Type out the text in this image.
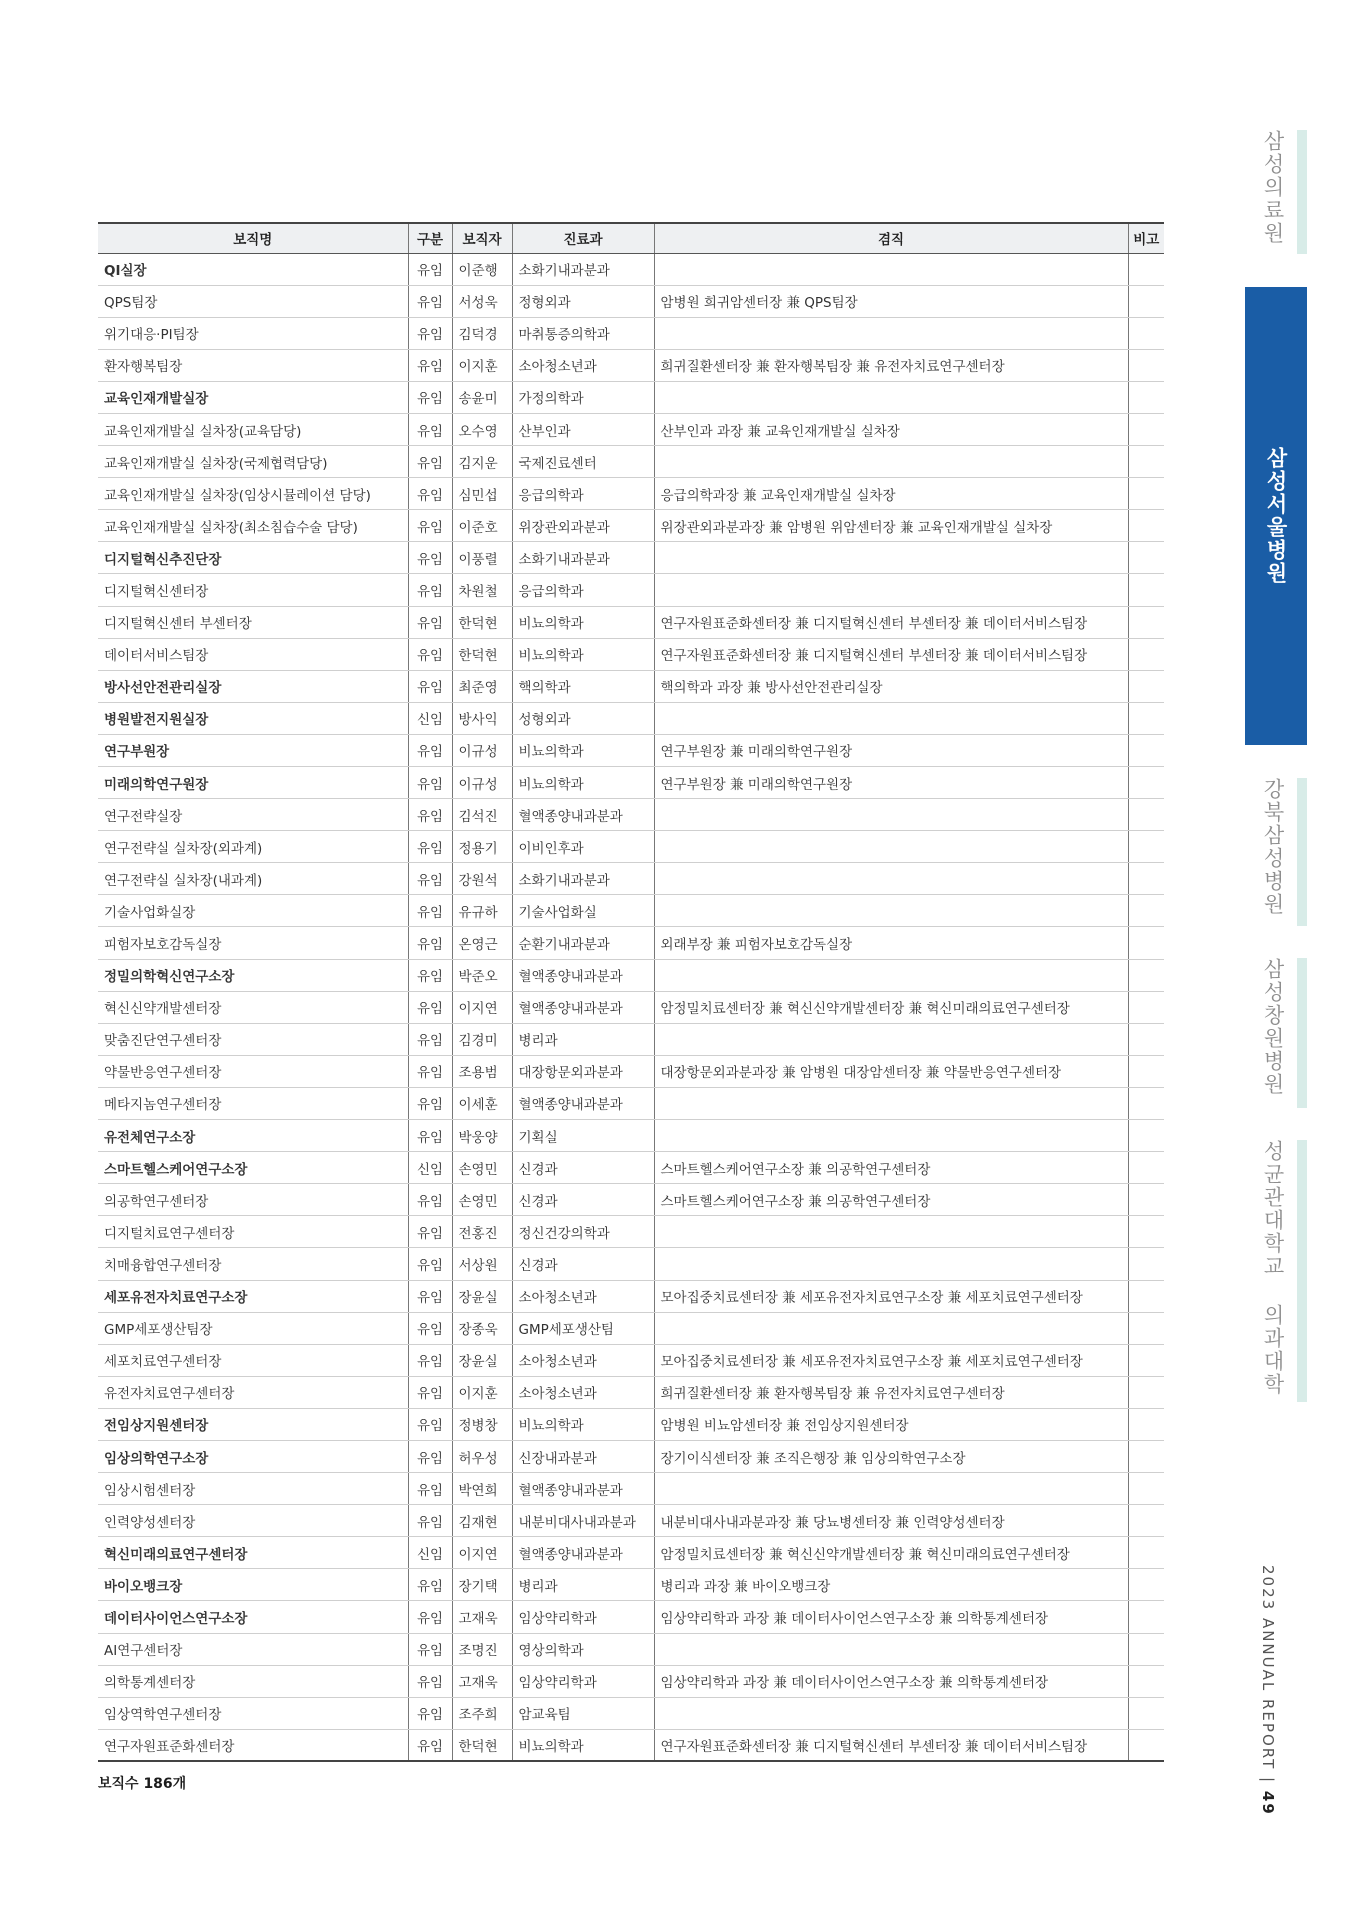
보직명	구분	보직자	진료과	겸직	비고
QI실장	유임	이준행	소화기내과분과		
QPS팀장	유임	서성욱	정형외과	암병원 희귀암센터장 兼 QPS팀장	
위기대응·PI팀장	유임	김덕경	마취통증의학과		
환자행복팀장	유임	이지훈	소아청소년과	희귀질환센터장 兼 환자행복팀장 兼 유전자치료연구센터장	
교육인재개발실장	유임	송윤미	가정의학과		
교육인재개발실 실차장(교육담당)	유임	오수영	산부인과	산부인과 과장 兼 교육인재개발실 실차장	
교육인재개발실 실차장(국제협력담당)	유임	김지운	국제진료센터		
교육인재개발실 실차장(임상시뮬레이션 담당)	유임	심민섭	응급의학과	응급의학과장 兼 교육인재개발실 실차장	
교육인재개발실 실차장(최소침습수술 담당)	유임	이준호	위장관외과분과	위장관외과분과장 兼 암병원 위암센터장 兼 교육인재개발실 실차장	
디지털혁신추진단장	유임	이풍렬	소화기내과분과		
디지털혁신센터장	유임	차원철	응급의학과		
디지털혁신센터 부센터장	유임	한덕현	비뇨의학과	연구자원표준화센터장 兼 디지털혁신센터 부센터장 兼 데이터서비스팀장	
데이터서비스팀장	유임	한덕현	비뇨의학과	연구자원표준화센터장 兼 디지털혁신센터 부센터장 兼 데이터서비스팀장	
방사선안전관리실장	유임	최준영	핵의학과	핵의학과 과장 兼 방사선안전관리실장	
병원발전지원실장	신임	방사익	성형외과		
연구부원장	유임	이규성	비뇨의학과	연구부원장 兼 미래의학연구원장	
미래의학연구원장	유임	이규성	비뇨의학과	연구부원장 兼 미래의학연구원장	
연구전략실장	유임	김석진	혈액종양내과분과		
연구전략실 실차장(외과계)	유임	정용기	이비인후과		
연구전략실 실차장(내과계)	유임	강원석	소화기내과분과		
기술사업화실장	유임	유규하	기술사업화실		
피험자보호감독실장	유임	온영근	순환기내과분과	외래부장 兼 피험자보호감독실장	
정밀의학혁신연구소장	유임	박준오	혈액종양내과분과		
혁신신약개발센터장	유임	이지연	혈액종양내과분과	암정밀치료센터장 兼 혁신신약개발센터장 兼 혁신미래의료연구센터장	
맞춤진단연구센터장	유임	김경미	병리과		
약물반응연구센터장	유임	조용범	대장항문외과분과	대장항문외과분과장 兼 암병원 대장암센터장 兼 약물반응연구센터장	
메타지놈연구센터장	유임	이세훈	혈액종양내과분과		
유전체연구소장	유임	박웅양	기획실		
스마트헬스케어연구소장	신임	손영민	신경과	스마트헬스케어연구소장 兼 의공학연구센터장	
의공학연구센터장	유임	손영민	신경과	스마트헬스케어연구소장 兼 의공학연구센터장	
디지털치료연구센터장	유임	전홍진	정신건강의학과		
치매융합연구센터장	유임	서상원	신경과		
세포유전자치료연구소장	유임	장윤실	소아청소년과	모아집중치료센터장 兼 세포유전자치료연구소장 兼 세포치료연구센터장	
GMP세포생산팀장	유임	장종욱	GMP세포생산팀		
세포치료연구센터장	유임	장윤실	소아청소년과	모아집중치료센터장 兼 세포유전자치료연구소장 兼 세포치료연구센터장	
유전자치료연구센터장	유임	이지훈	소아청소년과	희귀질환센터장 兼 환자행복팀장 兼 유전자치료연구센터장	
전임상지원센터장	유임	정병창	비뇨의학과	암병원 비뇨암센터장 兼 전임상지원센터장	
임상의학연구소장	유임	허우성	신장내과분과	장기이식센터장 兼 조직은행장 兼 임상의학연구소장	
임상시험센터장	유임	박연희	혈액종양내과분과		
인력양성센터장	유임	김재현	내분비대사내과분과	내분비대사내과분과장 兼 당뇨병센터장 兼 인력양성센터장	
혁신미래의료연구센터장	신임	이지연	혈액종양내과분과	암정밀치료센터장 兼 혁신신약개발센터장 兼 혁신미래의료연구센터장	
바이오뱅크장	유임	장기택	병리과	병리과 과장 兼 바이오뱅크장	
데이터사이언스연구소장	유임	고재욱	임상약리학과	임상약리학과 과장 兼 데이터사이언스연구소장 兼 의학통계센터장	
AI연구센터장	유임	조명진	영상의학과		
의학통계센터장	유임	고재욱	임상약리학과	임상약리학과 과장 兼 데이터사이언스연구소장 兼 의학통계센터장	
임상역학연구센터장	유임	조주희	암교육팀		
연구자원표준화센터장	유임	한덕현	비뇨의학과	연구자원표준화센터장 兼 디지털혁신센터 부센터장 兼 데이터서비스팀장	
보직수 186개
삼성의료원
삼성서울병원
강북삼성병원
삼성창원병원
성균관대학교 의과대학
2023 ANNUAL REPORT | 49
